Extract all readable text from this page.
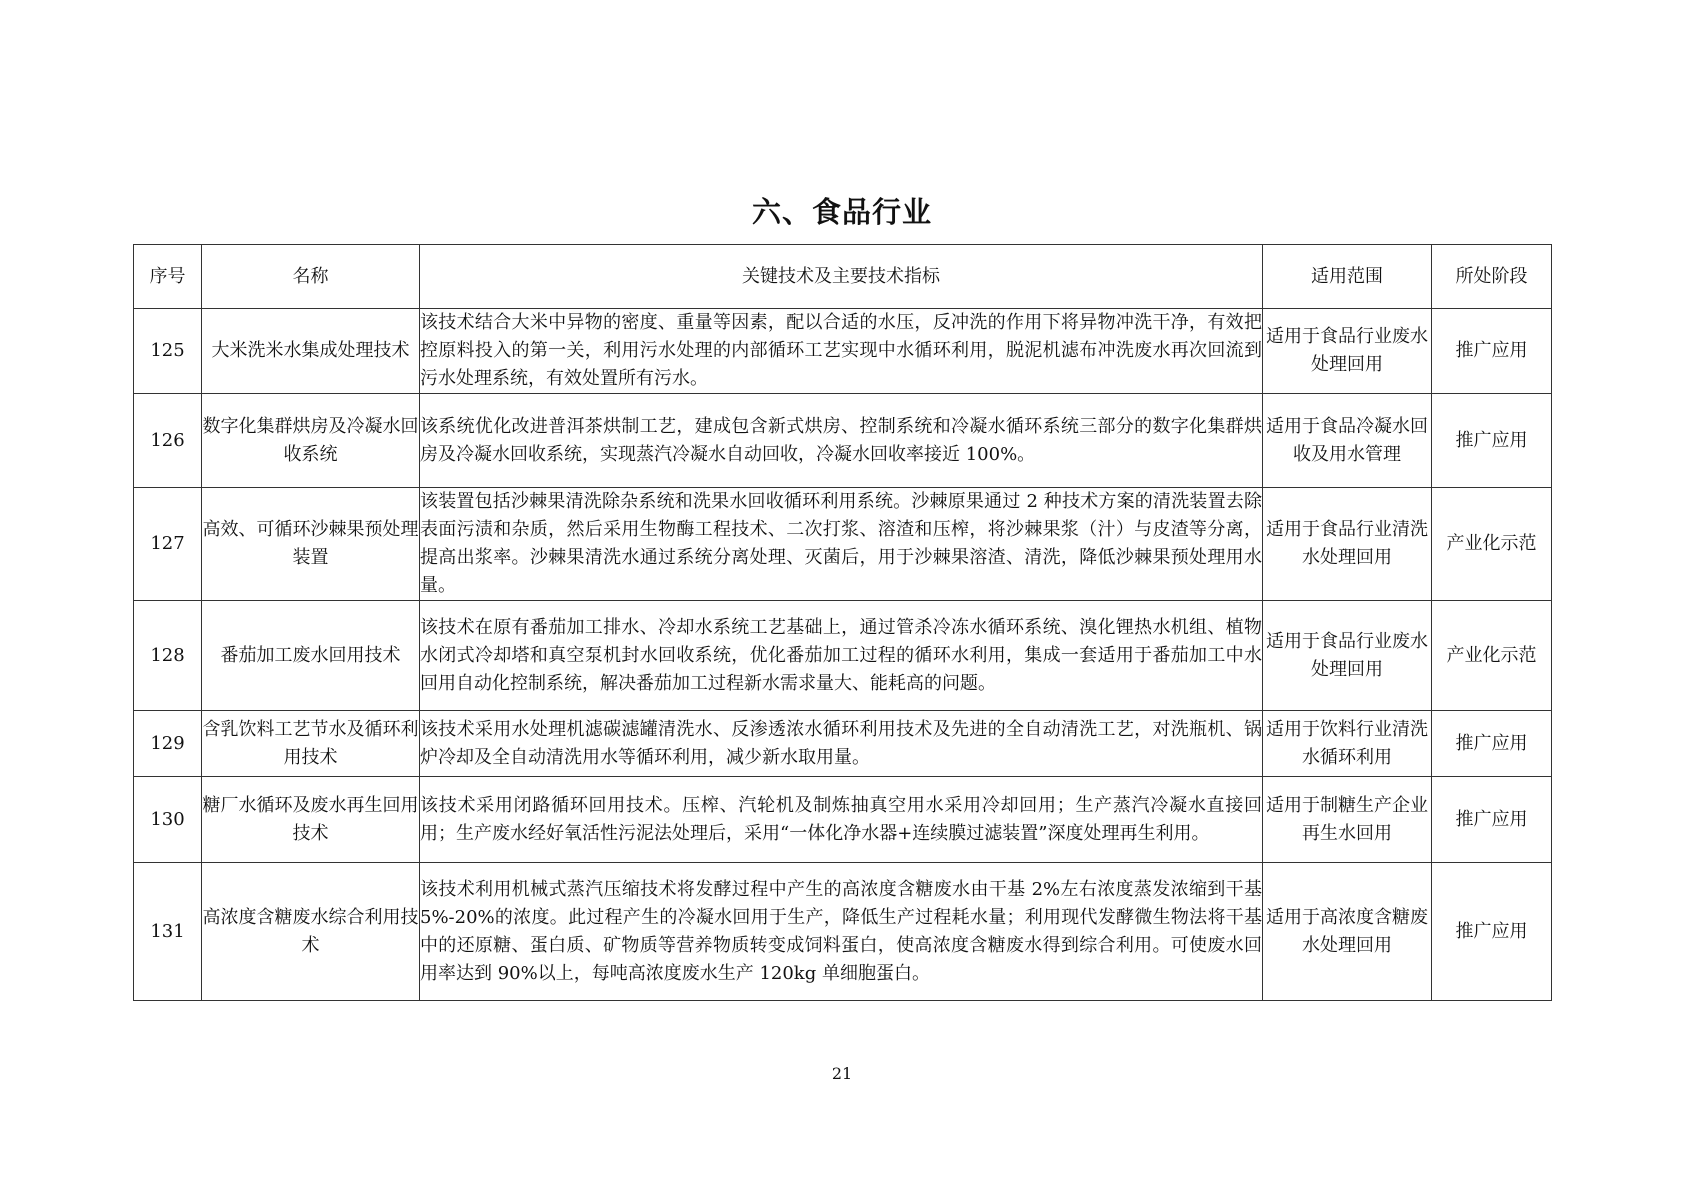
六、食品行业
序号	名称	关键技术及主要技术指标	适用范围	所处阶段
125	大米洗米水集成处理技术	该技术结合大米中异物的密度、重量等因素，配以合适的水压，反冲洗的作用下将异物冲洗干净，有效把控原料投入的第一关，利用污水处理的内部循环工艺实现中水循环利用，脱泥机滤布冲洗废水再次回流到污水处理系统，有效处置所有污水。	适用于食品行业废水处理回用	推广应用
126	数字化集群烘房及冷凝水回收系统	该系统优化改进普洱茶烘制工艺，建成包含新式烘房、控制系统和冷凝水循环系统三部分的数字化集群烘房及冷凝水回收系统，实现蒸汽冷凝水自动回收，冷凝水回收率接近 100%。	适用于食品冷凝水回收及用水管理	推广应用
127	高效、可循环沙棘果预处理装置	该装置包括沙棘果清洗除杂系统和洗果水回收循环利用系统。沙棘原果通过 2 种技术方案的清洗装置去除表面污渍和杂质，然后采用生物酶工程技术、二次打浆、溶渣和压榨，将沙棘果浆（汁）与皮渣等分离，提高出浆率。沙棘果清洗水通过系统分离处理、灭菌后，用于沙棘果溶渣、清洗，降低沙棘果预处理用水量。	适用于食品行业清洗水处理回用	产业化示范
128	番茄加工废水回用技术	该技术在原有番茄加工排水、冷却水系统工艺基础上，通过管杀冷冻水循环系统、溴化锂热水机组、植物水闭式冷却塔和真空泵机封水回收系统，优化番茄加工过程的循环水利用，集成一套适用于番茄加工中水回用自动化控制系统，解决番茄加工过程新水需求量大、能耗高的问题。	适用于食品行业废水处理回用	产业化示范
129	含乳饮料工艺节水及循环利用技术	该技术采用水处理机滤碳滤罐清洗水、反渗透浓水循环利用技术及先进的全自动清洗工艺，对洗瓶机、锅炉冷却及全自动清洗用水等循环利用，减少新水取用量。	适用于饮料行业清洗水循环利用	推广应用
130	糖厂水循环及废水再生回用技术	该技术采用闭路循环回用技术。压榨、汽轮机及制炼抽真空用水采用冷却回用；生产蒸汽冷凝水直接回用；生产废水经好氧活性污泥法处理后，采用“一体化净水器+连续膜过滤装置”深度处理再生利用。	适用于制糖生产企业再生水回用	推广应用
131	高浓度含糖废水综合利用技术	该技术利用机械式蒸汽压缩技术将发酵过程中产生的高浓度含糖废水由干基 2%左右浓度蒸发浓缩到干基 5%-20%的浓度。此过程产生的冷凝水回用于生产，降低生产过程耗水量；利用现代发酵微生物法将干基中的还原糖、蛋白质、矿物质等营养物质转变成饲料蛋白，使高浓度含糖废水得到综合利用。可使废水回用率达到 90%以上，每吨高浓度废水生产 120kg 单细胞蛋白。	适用于高浓度含糖废水处理回用	推广应用
21
